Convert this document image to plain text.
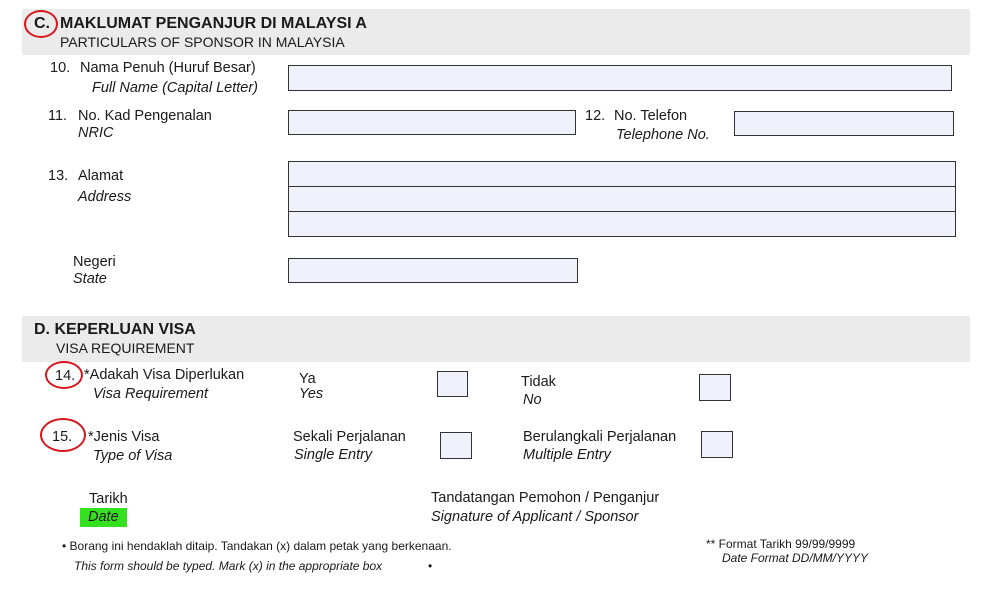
C. MAKLUMAT PENGANJUR DI MALAYSI A
PARTICULARS OF SPONSOR IN MALAYSIA
10. Nama Penuh (Huruf Besar)
Full Name (Capital Letter)
11. No. Kad Pengenalan
NRIC
12. No. Telefon
Telephone No.
13. Alamat
Address
Negeri
State
D. KEPERLUAN VISA
VISA REQUIREMENT
14. *Adakah Visa Diperlukan
Visa Requirement
Ya
Yes
Tidak
No
15. *Jenis Visa
Type of Visa
Sekali Perjalanan
Single Entry
Berulangkali Perjalanan
Multiple Entry
Tarikh
Date
Tandatangan Pemohon / Penganjur
Signature of Applicant / Sponsor
• Borang ini hendaklah ditaip. Tandakan (x) dalam petak yang berkenaan.
This form should be typed. Mark (x) in the appropriate box	•
** Format Tarikh 99/99/9999
Date Format DD/MM/YYYY
